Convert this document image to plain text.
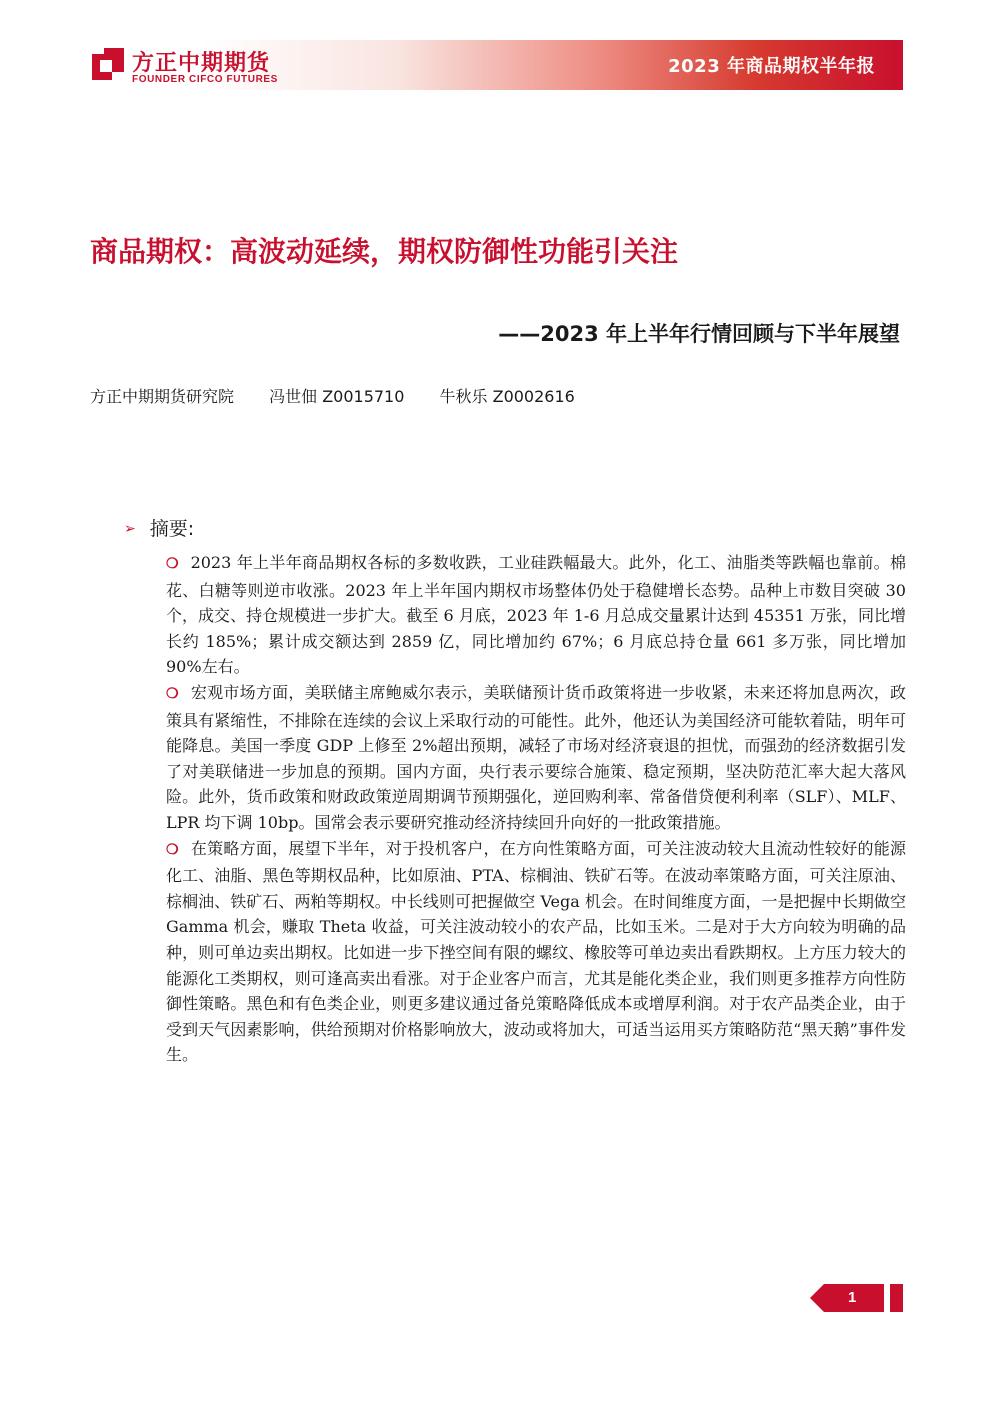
2023 年商品期权半年报
方正中期期货
FOUNDER CIFCO FUTURES
商品期权：高波动延续，期权防御性功能引关注
——2023 年上半年行情回顾与下半年展望
方正中期期货研究院 冯世佃 Z0015710 牛秋乐 Z0002616
➢ 摘要:

❍ 2023 年上半年商品期权各标的多数收跌，工业硅跌幅最大。此外，化工、油脂类等跌幅也靠前。棉花、白糖等则逆市收涨。2023 年上半年国内期权市场整体仍处于稳健增长态势。品种上市数目突破 30 个，成交、持仓规模进一步扩大。截至 6 月底，2023 年 1-6 月总成交量累计达到 45351 万张，同比增长约 185%；累计成交额达到 2859 亿，同比增加约 67%；6 月底总持仓量 661 多万张，同比增加 90%左右。

❍ 宏观市场方面，美联储主席鲍威尔表示，美联储预计货币政策将进一步收紧，未来还将加息两次，政策具有紧缩性，不排除在连续的会议上采取行动的可能性。此外，他还认为美国经济可能软着陆，明年可能降息。美国一季度 GDP 上修至 2%超出预期，减轻了市场对经济衰退的担忧，而强劲的经济数据引发了对美联储进一步加息的预期。国内方面，央行表示要综合施策、稳定预期，坚决防范汇率大起大落风险。此外，货币政策和财政政策逆周期调节预期强化，逆回购利率、常备借贷便利利率（SLF）、MLF、LPR 均下调 10bp。国常会表示要研究推动经济持续回升向好的一批政策措施。

❍ 在策略方面，展望下半年，对于投机客户，在方向性策略方面，可关注波动较大且流动性较好的能源化工、油脂、黑色等期权品种，比如原油、PTA、棕榈油、铁矿石等。在波动率策略方面，可关注原油、棕榈油、铁矿石、两粕等期权。中长线则可把握做空 Vega 机会。在时间维度方面，一是把握中长期做空 Gamma 机会，赚取 Theta 收益，可关注波动较小的农产品，比如玉米。二是对于大方向较为明确的品种，则可单边卖出期权。比如进一步下挫空间有限的螺纹、橡胶等可单边卖出看跌期权。上方压力较大的能源化工类期权，则可逢高卖出看涨。对于企业客户而言，尤其是能化类企业，我们则更多推荐方向性防御性策略。黑色和有色类企业，则更多建议通过备兑策略降低成本或增厚利润。对于农产品类企业，由于受到天气因素影响，供给预期对价格影响放大，波动或将加大，可适当运用买方策略防范“黑天鹅”事件发生。

1
